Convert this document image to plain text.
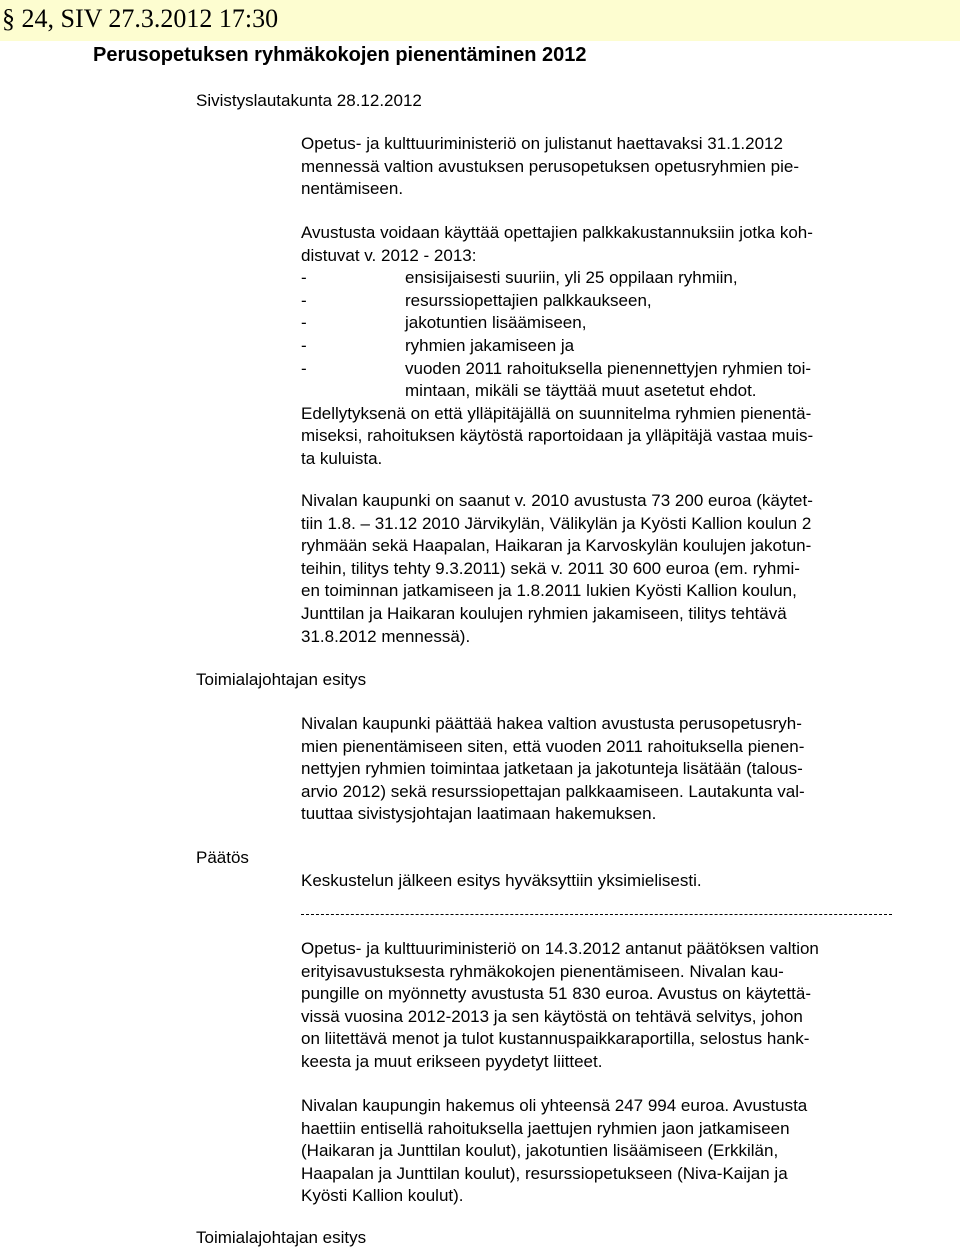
§ 24, SIV 27.3.2012 17:30
Perusopetuksen ryhmäkokojen pienentäminen 2012
Sivistyslautakunta 28.12.2012

Opetus- ja kulttuuriministeriö on julistanut haettavaksi 31.1.2012

mennessä valtion avustuksen perusopetuksen opetusryhmien pie-

nentämiseen.

Avustusta voidaan käyttää opettajien palkkakustannuksiin jotka koh-

distuvat v. 2012 - 2013:

-	ensisijaisesti suuriin, yli 25 oppilaan ryhmiin,
-	resurssiopettajien palkkaukseen,
-	jakotuntien lisäämiseen,
-	ryhmien jakamiseen ja
-	vuoden 2011 rahoituksella pienennettyjen ryhmien toi-
mintaan, mikäli se täyttää muut asetetut ehdot.

Edellytyksenä on että ylläpitäjällä on suunnitelma ryhmien pienentä-

miseksi, rahoituksen käytöstä raportoidaan ja ylläpitäjä vastaa muis-

ta kuluista.

Nivalan kaupunki on saanut v. 2010 avustusta 73 200 euroa (käytet-

tiin 1.8. – 31.12 2010 Järvikylän, Välikylän ja Kyösti Kallion koulun 2

ryhmään sekä Haapalan, Haikaran ja Karvoskylän koulujen jakotun-

teihin, tilitys tehty 9.3.2011) sekä v. 2011 30 600 euroa (em. ryhmi-

en toiminnan jatkamiseen ja 1.8.2011 lukien Kyösti Kallion koulun,

Junttilan ja Haikaran koulujen ryhmien jakamiseen, tilitys tehtävä

31.8.2012 mennessä).

Toimialajohtajan esitys

Nivalan kaupunki päättää hakea valtion avustusta perusopetusryh-

mien pienentämiseen siten, että vuoden 2011 rahoituksella pienen-

nettyjen ryhmien toimintaa jatketaan ja jakotunteja lisätään (talous-

arvio 2012) sekä resurssiopettajan palkkaamiseen. Lautakunta val-

tuuttaa sivistysjohtajan laatimaan hakemuksen.

Päätös
Keskustelun jälkeen esitys hyväksyttiin yksimielisesti.

Opetus- ja kulttuuriministeriö on 14.3.2012 antanut päätöksen valtion

erityisavustuksesta ryhmäkokojen pienentämiseen. Nivalan kau-

pungille on myönnetty avustusta 51 830 euroa. Avustus on käytettä-

vissä vuosina 2012-2013 ja sen käytöstä on tehtävä selvitys, johon

on liitettävä menot ja tulot kustannuspaikkaraportilla, selostus hank-

keesta ja muut erikseen pyydetyt liitteet.

Nivalan kaupungin hakemus oli yhteensä 247 994 euroa. Avustusta

haettiin entisellä rahoituksella jaettujen ryhmien jaon jatkamiseen

(Haikaran ja Junttilan koulut), jakotuntien lisäämiseen (Erkkilän,

Haapalan ja Junttilan koulut), resurssiopetukseen (Niva-Kaijan ja

Kyösti Kallion koulut).

Toimialajohtajan esitys
